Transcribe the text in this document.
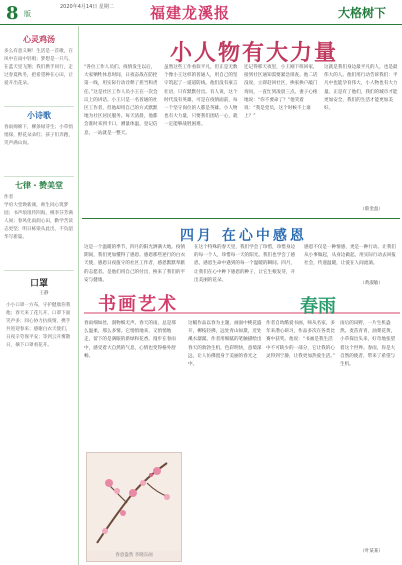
8 版
2020年4月14日 星期二 福建龙溪报	大格树下
心灵鸡汤
多么有意义啊！生活是一首歌，在风中在雨中轻唱；梦想是一只鸟，在蓝天里飞翔；我们携手同行，走过春夏秋冬，把希望种在心田，让爱开出花朵。
小诗歌
春雨绵绵下，柳条绿芽生；小草悄悄探，野花朵朵红；孩子们奔跑，笑声满山岗。
七律・赞美堂
作者
学府大堂焕新颜，师生同心筑梦园；书声琅琅传四海，桃李芬芳满人间；春风化雨润心田，勤学苦读志更坚；明日栋梁从此出，不负韶华写新篇。
口罩
王静
小小口罩一方布，守护健康你我他；春天来了花儿开，口罩下面笑声多；同心协力抗疫情，携手共进迎春来；感谢白衣天使们，日夜辛劳保平安；等到云开雾散日，摘下口罩看花开。
小人物有大力量
“各位工作人员们，疫情发生以后，大家牺牲休息时间，日夜奋战在防控第一线，用实际行动诠释了担当和责任。”这是社区工作人员小王在一次会议上的讲话。小王只是一名普通的社区工作者，但他却用自己的方式默默地为社区居民服务。每天清晨，他都会准时来到卡口，测量体温、登记信息，一站就是一整天。
虽然这些工作看似平凡，但正是无数个像小王这样的普通人，用自己的坚守筑起了一道道防线。他们没有豪言壮语，只有默默付出。有人说，这个时代没有英雄，可是在疫情面前，每一个坚守岗位的人都是英雄。小人物也有大力量，只要我们团结一心，就一定能够战胜困难。
还记得那天夜里，小王刚下班回家，接到社区通知需要紧急排查。他二话没说，立即赶回社区，挨家挨户敲门询问，一直忙到凌晨三点。妻子心疼地说：“你不要命了？”他笑着说：“我是党员，这个时候不上谁上？”
这就是我们身边最平凡的人，也是最伟大的人。他们用行动告诉我们：平凡中也能孕育伟大，小人物也有大力量。正是有了他们，我们的城市才能更加安全，我们的生活才能更加美好。
（蔡金盈）
四月 在心中感恩
这是一个温暖的季节，四月的阳光洒满大地。疫情期间，我们更加懂得了感恩。感恩那些逆行的白衣天使，感恩日夜值守的社区工作者，感恩默默奉献的志愿者。是他们用自己的付出，换来了我们的平安与健康。
在这个特殊的春天里，我们学会了珍惜，珍惜身边的每一个人，珍惜每一天的阳光。我们也学会了感恩，感恩生命中遇到的每一个温暖的瞬间。四月，让我们在心中种下感恩的种子，让它生根发芽，开出美丽的花朵。
感恩不仅是一种情感，更是一种行动。让我们从小事做起，从身边做起，用实际行动去回报社会，传递温暖，让爱在人间流淌。
（黄淑敏）
书画艺术	春雨
这幅作品以春为主题，画面中桃花盛开，柳枝轻拂，远处青山如黛，近处溪水潺潺。作者用细腻的笔触描绘出春天的勃勃生机，色彩明快，意境深远，让人仿佛置身于美丽的春光之中。
作者自幼酷爱书画，师从名家，多年来潜心研习，作品多次在各类比赛中获奖。他说：“书画是我生活中不可缺少的一部分，它让我的心灵得到宁静，让我更加热爱生活。”
春雨细如丝，润物细无声。春天的雨，总是那么温柔，那么多情。它悄悄地来，又悄悄地走，留下的是满眼的新绿和花香。漫步在春雨中，感受着大自然的气息，心情也变得格外舒畅。
雨后的田野，一片生机盎然。麦苗青青，油菜花黄，小草探出头来，好奇地张望着这个世界。春雨，你是大自然的使者，带来了希望与生机。
（叶某某）
春意盎然 李晓东画
